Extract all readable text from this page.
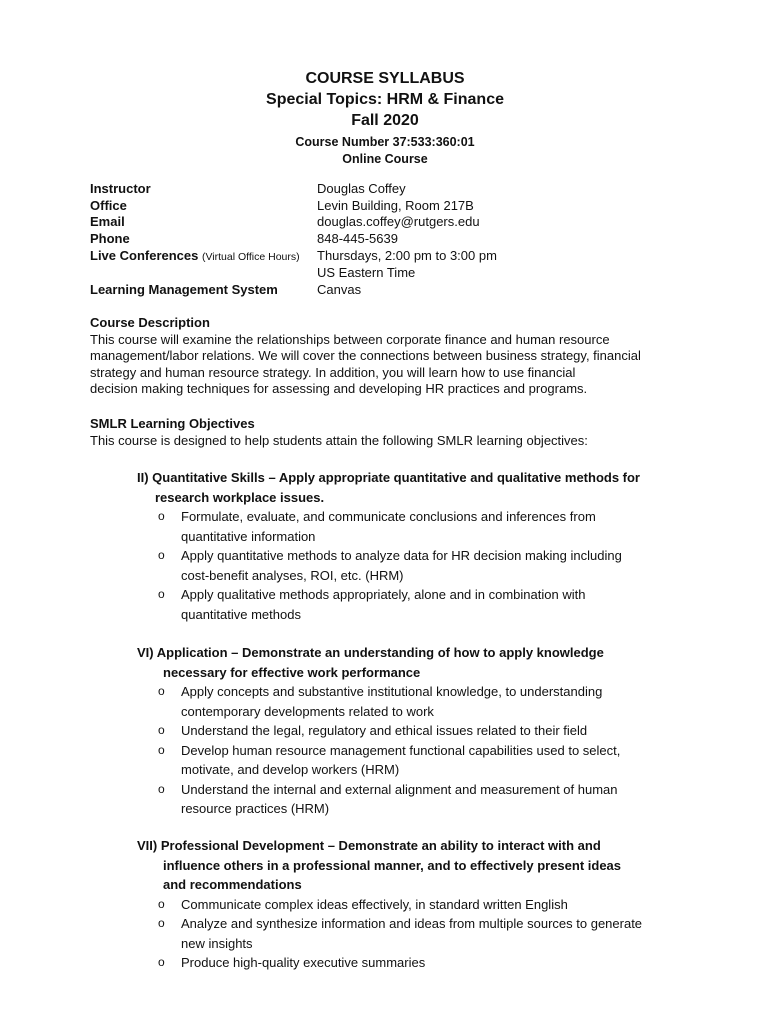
COURSE SYLLABUS
Special Topics: HRM & Finance
Fall 2020
Course Number 37:533:360:01
Online Course
Instructor	Douglas Coffey
Office	Levin Building, Room 217B
Email	douglas.coffey@rutgers.edu
Phone	848-445-5639
Live Conferences (Virtual Office Hours)	Thursdays, 2:00 pm to 3:00 pm
US Eastern Time
Learning Management System	Canvas
Course Description
This course will examine the relationships between corporate finance and human resource
management/labor relations. We will cover the connections between business strategy, financial
strategy and human resource strategy. In addition, you will learn how to use financial
decision making techniques for assessing and developing HR practices and programs.
SMLR Learning Objectives
This course is designed to help students attain the following SMLR learning objectives:
II) Quantitative Skills – Apply appropriate quantitative and qualitative methods for
research workplace issues.
o Formulate, evaluate, and communicate conclusions and inferences from
quantitative information
o Apply quantitative methods to analyze data for HR decision making including
cost-benefit analyses, ROI, etc. (HRM)
o Apply qualitative methods appropriately, alone and in combination with
quantitative methods
VI) Application – Demonstrate an understanding of how to apply knowledge
necessary for effective work performance
o Apply concepts and substantive institutional knowledge, to understanding
contemporary developments related to work
o Understand the legal, regulatory and ethical issues related to their field
o Develop human resource management functional capabilities used to select,
motivate, and develop workers (HRM)
o Understand the internal and external alignment and measurement of human
resource practices (HRM)
VII) Professional Development – Demonstrate an ability to interact with and
influence others in a professional manner, and to effectively present ideas
and recommendations
o Communicate complex ideas effectively, in standard written English
o Analyze and synthesize information and ideas from multiple sources to generate
new insights
o Produce high-quality executive summaries
